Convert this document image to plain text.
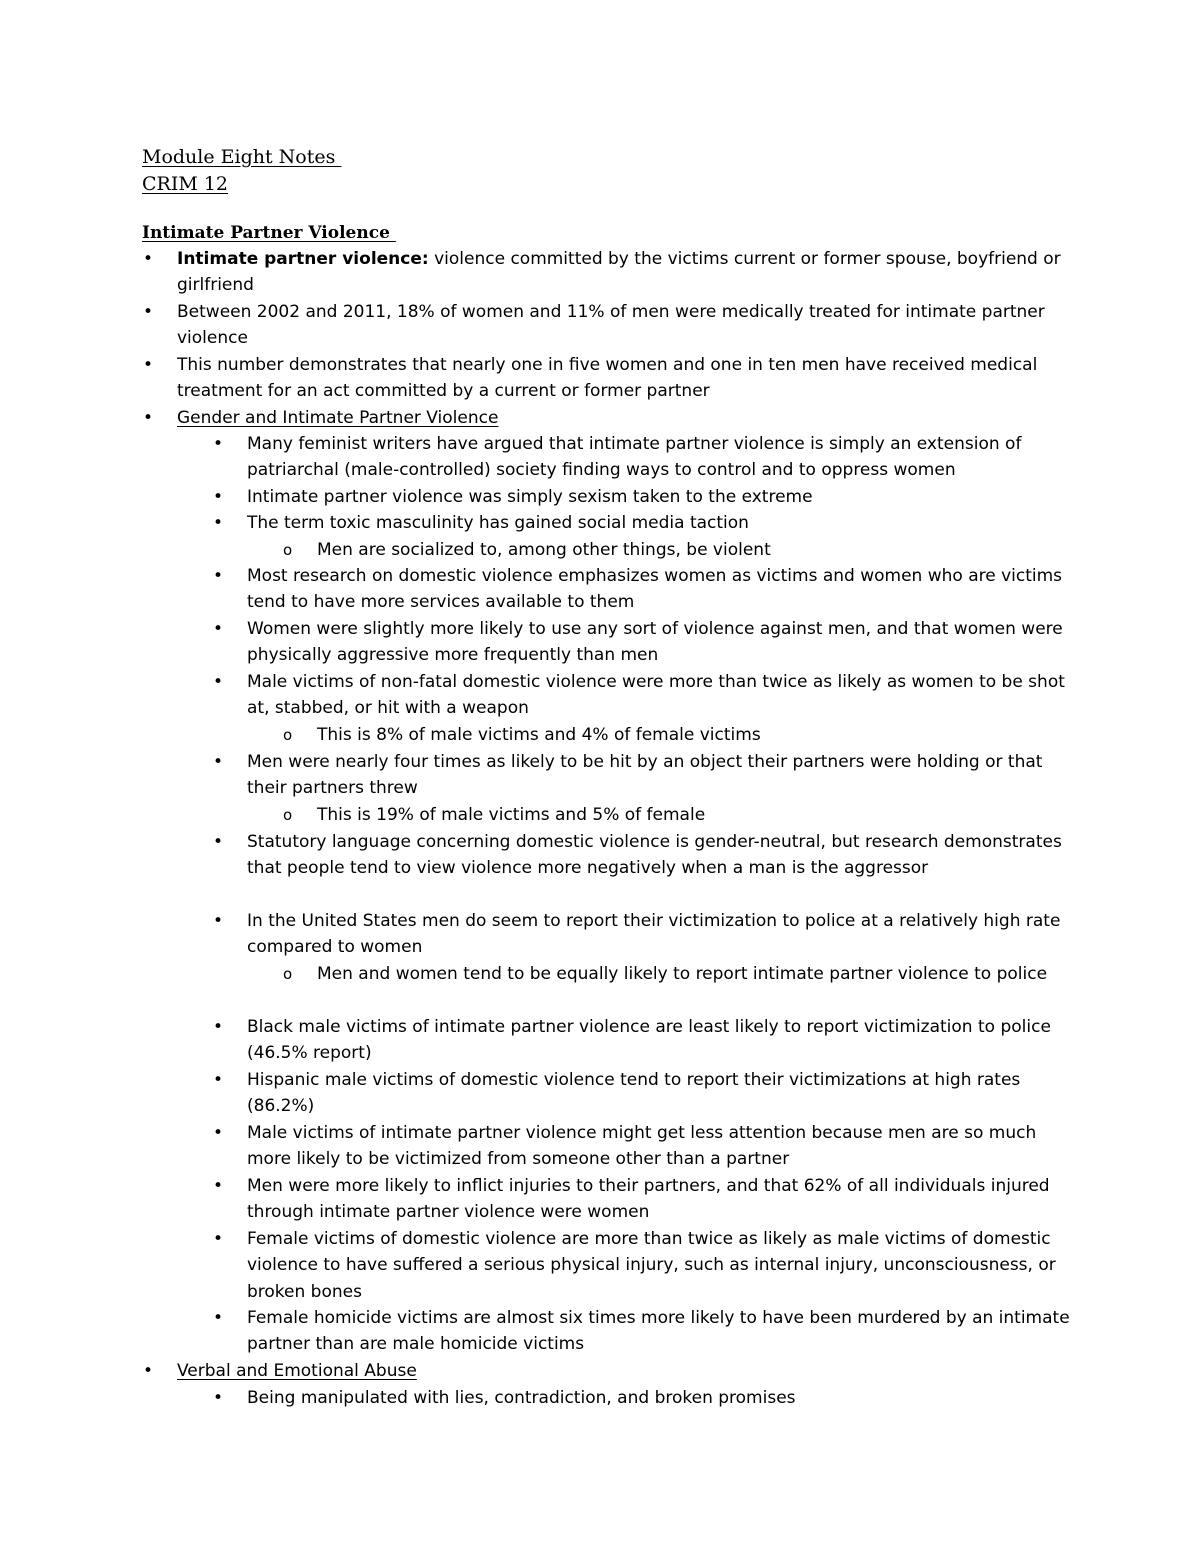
Module Eight Notes
CRIM 12
Intimate Partner Violence
• Intimate partner violence: violence committed by the victims current or former spouse, boyfriend or girlfriend
• Between 2002 and 2011, 18% of women and 11% of men were medically treated for intimate partner violence
• This number demonstrates that nearly one in five women and one in ten men have received medical treatment for an act committed by a current or former partner
• Gender and Intimate Partner Violence
• Many feminist writers have argued that intimate partner violence is simply an extension of patriarchal (male-controlled) society finding ways to control and to oppress women
• Intimate partner violence was simply sexism taken to the extreme
• The term toxic masculinity has gained social media taction
o Men are socialized to, among other things, be violent
• Most research on domestic violence emphasizes women as victims and women who are victims tend to have more services available to them
• Women were slightly more likely to use any sort of violence against men, and that women were physically aggressive more frequently than men
• Male victims of non-fatal domestic violence were more than twice as likely as women to be shot at, stabbed, or hit with a weapon
o This is 8% of male victims and 4% of female victims
• Men were nearly four times as likely to be hit by an object their partners were holding or that their partners threw
o This is 19% of male victims and 5% of female
• Statutory language concerning domestic violence is gender-neutral, but research demonstrates that people tend to view violence more negatively when a man is the aggressor
• In the United States men do seem to report their victimization to police at a relatively high rate compared to women
o Men and women tend to be equally likely to report intimate partner violence to police
• Black male victims of intimate partner violence are least likely to report victimization to police (46.5% report)
• Hispanic male victims of domestic violence tend to report their victimizations at high rates (86.2%)
• Male victims of intimate partner violence might get less attention because men are so much more likely to be victimized from someone other than a partner
• Men were more likely to inflict injuries to their partners, and that 62% of all individuals injured through intimate partner violence were women
• Female victims of domestic violence are more than twice as likely as male victims of domestic violence to have suffered a serious physical injury, such as internal injury, unconsciousness, or broken bones
• Female homicide victims are almost six times more likely to have been murdered by an intimate partner than are male homicide victims
• Verbal and Emotional Abuse
• Being manipulated with lies, contradiction, and broken promises
